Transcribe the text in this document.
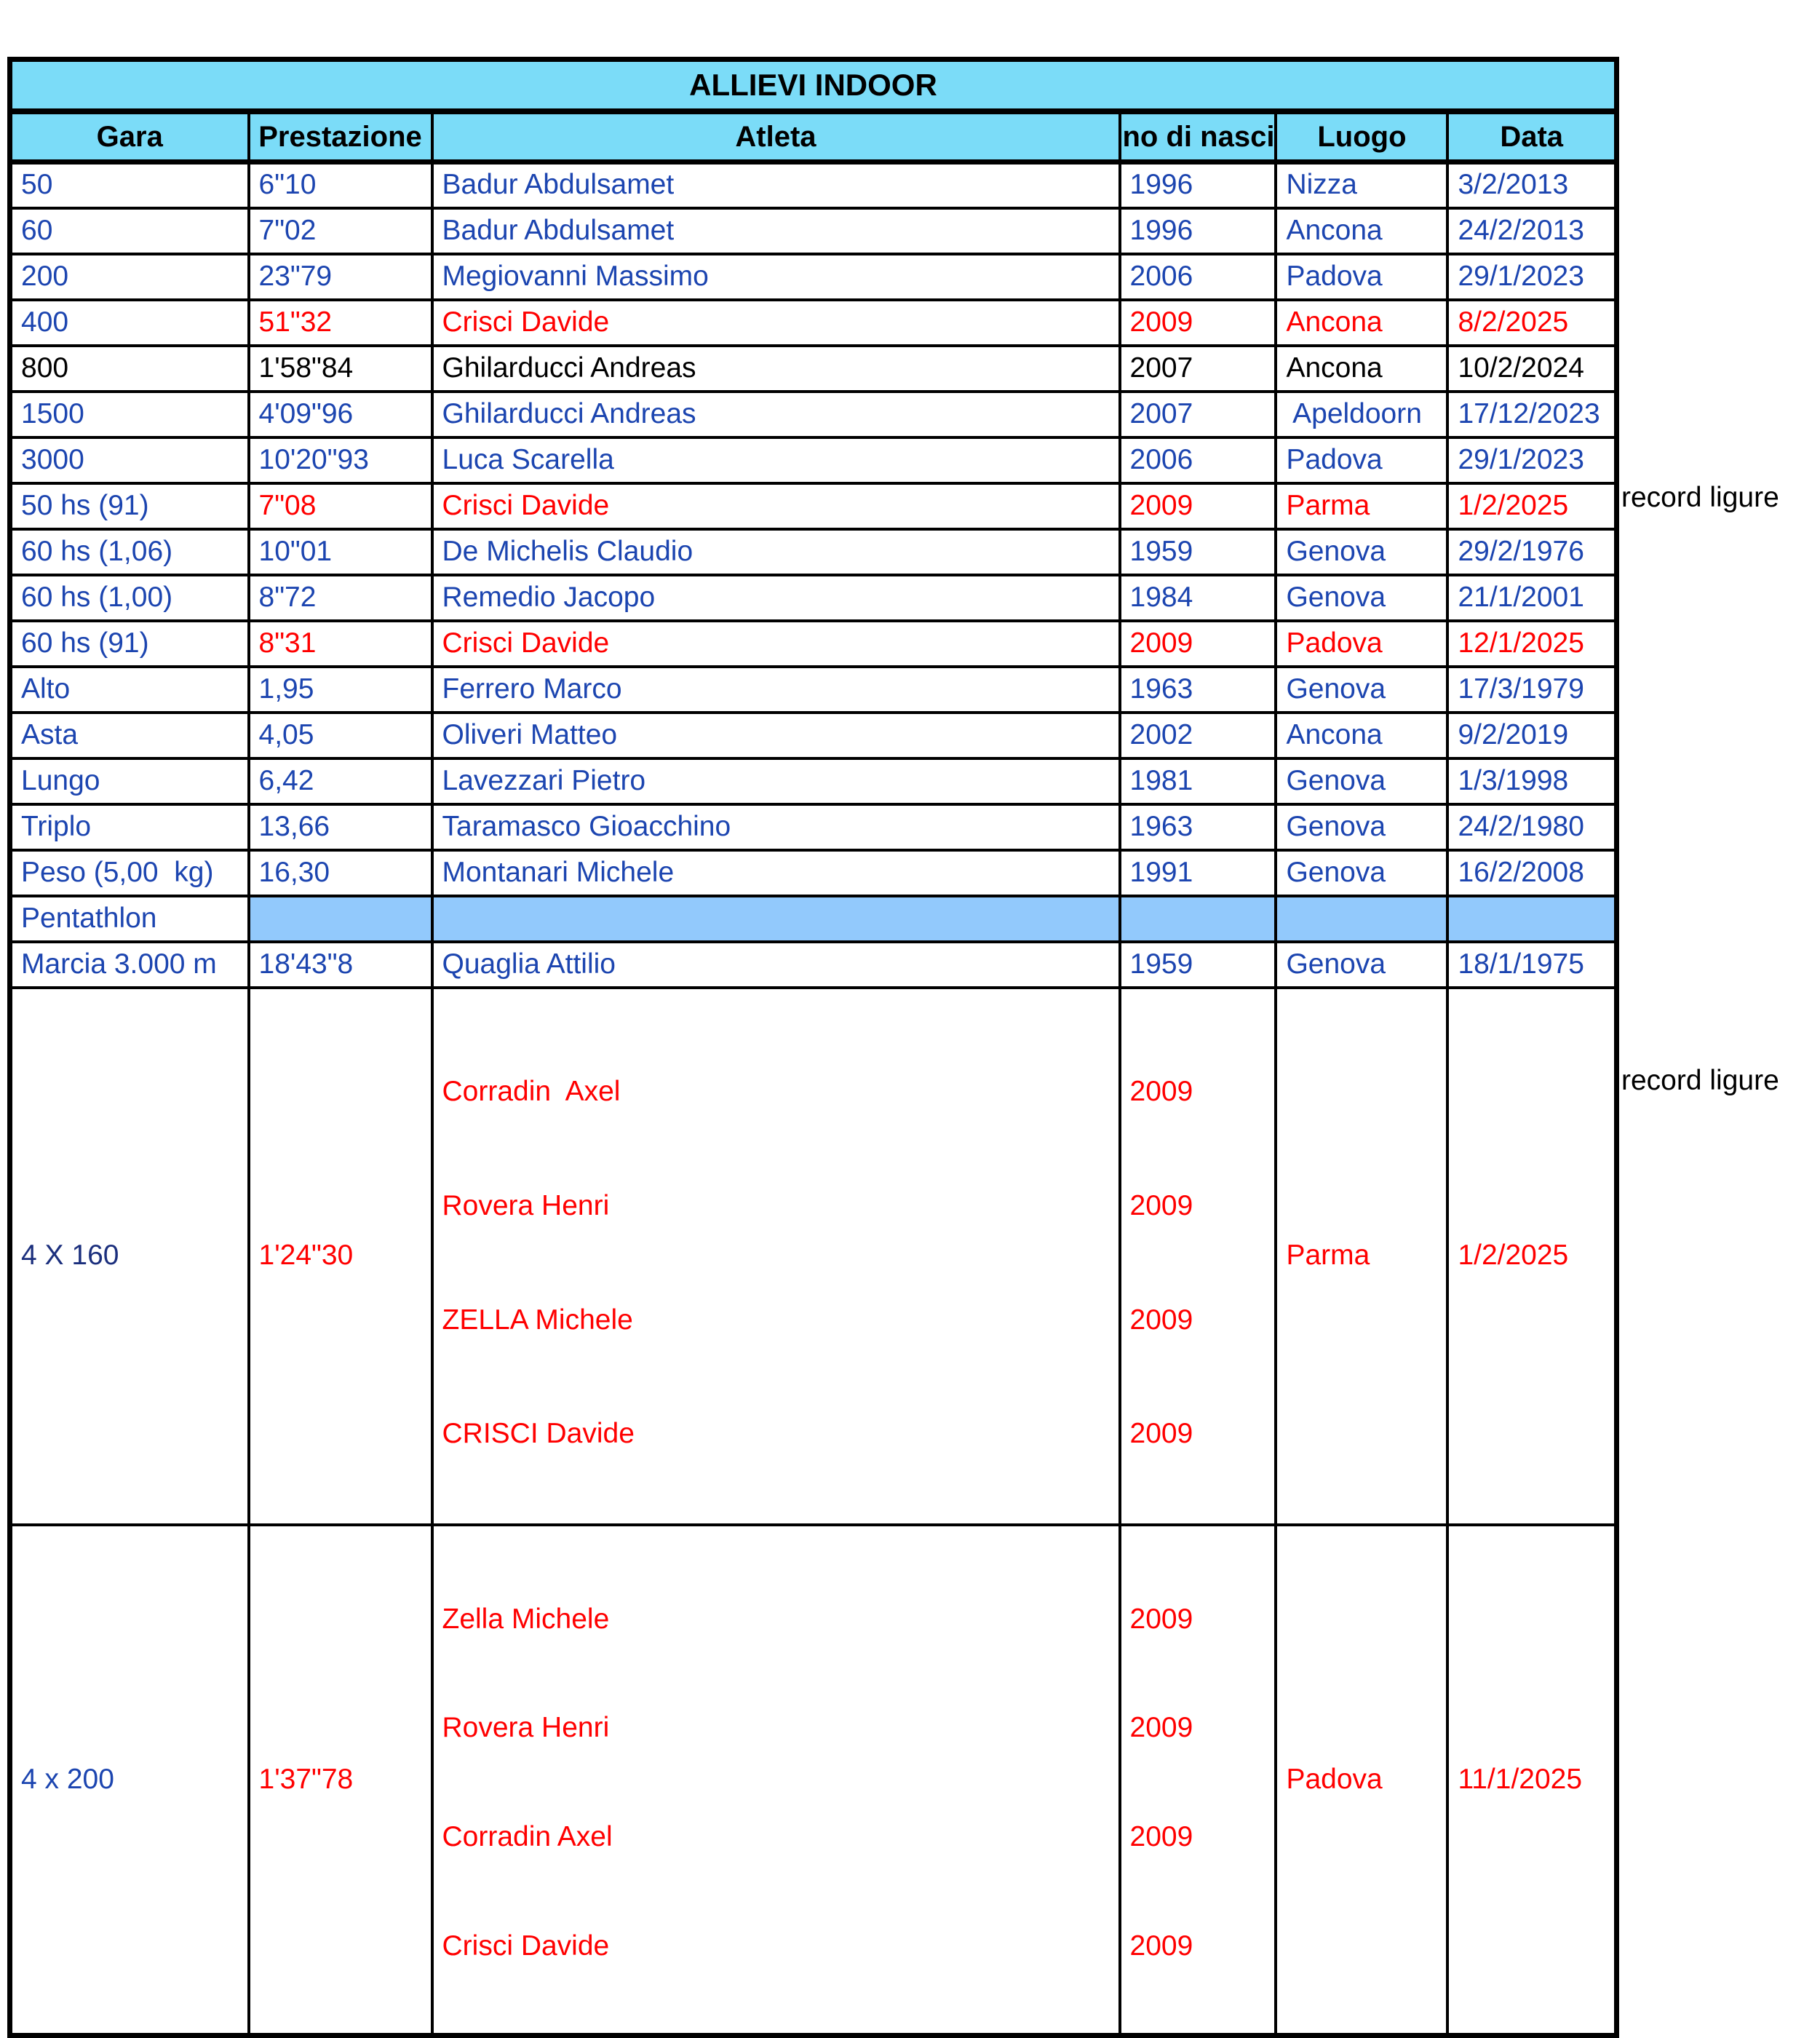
ALLIEVI INDOOR					
Gara	Prestazione	Atleta	no di nasci	Luogo	Data
50	6"10	Badur Abdulsamet	1996	Nizza	3/2/2013
60	7"02	Badur Abdulsamet	1996	Ancona	24/2/2013
200	23"79	Megiovanni Massimo	2006	Padova	29/1/2023
400	51"32	Crisci Davide	2009	Ancona	8/2/2025
800	1'58"84	Ghilarducci Andreas	2007	Ancona	10/2/2024
1500	4'09"96	Ghilarducci Andreas	2007	Apeldoorn	17/12/2023
3000	10'20"93	Luca Scarella	2006	Padova	29/1/2023
50 hs (91)	7"08	Crisci Davide	2009	Parma	1/2/2025
60 hs (1,06)	10"01	De Michelis Claudio	1959	Genova	29/2/1976
60 hs (1,00)	8"72	Remedio Jacopo	1984	Genova	21/1/2001
60 hs (91)	8"31	Crisci Davide	2009	Padova	12/1/2025
Alto	1,95	Ferrero Marco	1963	Genova	17/3/1979
Asta	4,05	Oliveri Matteo	2002	Ancona	9/2/2019
Lungo	6,42	Lavezzari Pietro	1981	Genova	1/3/1998
Triplo	13,66	Taramasco Gioacchino	1963	Genova	24/2/1980
Peso (5,00  kg)	16,30	Montanari Michele	1991	Genova	16/2/2008
Pentathlon					
Marcia 3.000 m	18'43"8	Quaglia Attilio	1959	Genova	18/1/1975
4 X 160	1'24"30	

Corradin  Axel

Rovera Henri

ZELLA Michele

CRISCI Davide

2009

2009

2009

2009

	Parma	1/2/2025
4 x 200	1'37"78	

Zella Michele

Rovera Henri

Corradin Axel

Crisci Davide

2009

2009

2009

2009

	Padova	11/1/2025
record ligure
record ligure
